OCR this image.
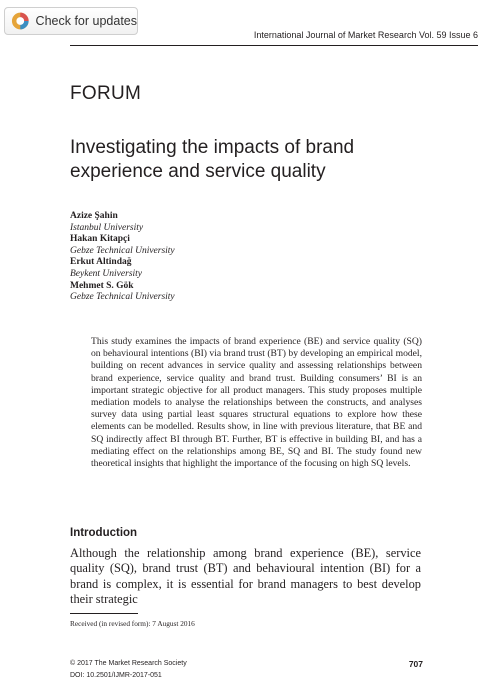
Check for updates
International Journal of Market Research Vol. 59 Issue 6
FORUM
Investigating the impacts of brand
experience and service quality
Azize Şahin
Istanbul University
Hakan Kitapçi
Gebze Technical University
Erkut Altindağ
Beykent University
Mehmet S. Gök
Gebze Technical University
This study examines the impacts of brand experience (BE) and service quality (SQ) on behavioural intentions (BI) via brand trust (BT) by developing an empirical model, building on recent advances in service quality and assessing relationships between brand experience, service quality and brand trust. Building consumers’ BI is an important strategic objective for all product managers. This study proposes multiple mediation models to analyse the relationships between the constructs, and analyses survey data using partial least squares structural equations to explore how these elements can be modelled. Results show, in line with previous literature, that BE and SQ indirectly affect BI through BT. Further, BT is effective in building BI, and has a mediating effect on the relationships among BE, SQ and BI. The study found new theoretical insights that highlight the importance of the focusing on high SQ levels.
Introduction
Although the relationship among brand experience (BE), service quality (SQ), brand trust (BT) and behavioural intention (BI) for a brand is complex, it is essential for brand managers to best develop their strategic
Received (in revised form): 7 August 2016
© 2017 The Market Research Society
DOI: 10.2501/IJMR-2017-051
707
